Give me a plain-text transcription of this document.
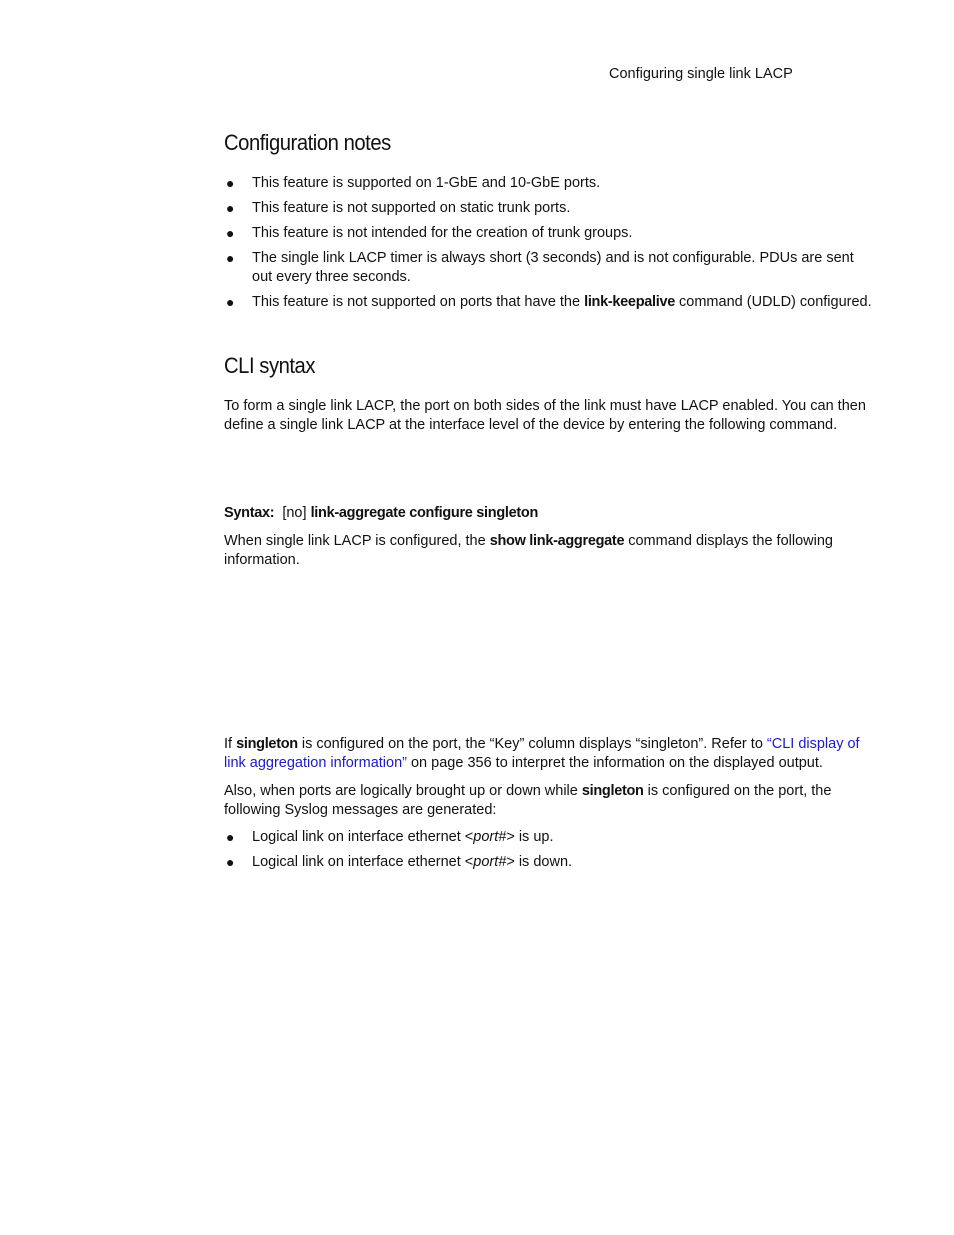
Configuring single link LACP
Configuration notes
● This feature is supported on 1-GbE and 10-GbE ports.
● This feature is not supported on static trunk ports.
● This feature is not intended for the creation of trunk groups.
● The single link LACP timer is always short (3 seconds) and is not configurable. PDUs are sent out every three seconds.
● This feature is not supported on ports that have the link-keepalive command (UDLD) configured.
CLI syntax

To form a single link LACP, the port on both sides of the link must have LACP enabled. You can then define a single link LACP at the interface level of the device by entering the following command.

Syntax: [no] link-aggregate configure singleton

When single link LACP is configured, the show link-aggregate command displays the following information.

If singleton is configured on the port, the “Key” column displays “singleton”. Refer to “CLI display of link aggregation information” on page 356 to interpret the information on the displayed output.

Also, when ports are logically brought up or down while singleton is configured on the port, the following Syslog messages are generated:

● Logical link on interface ethernet <port#> is up.
● Logical link on interface ethernet <port#> is down.
